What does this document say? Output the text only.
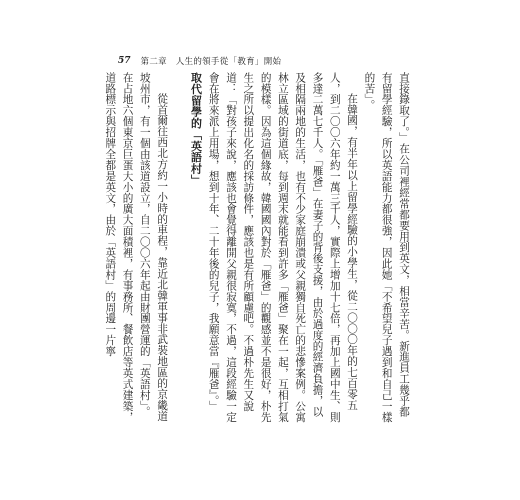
57 第二章　人生的領手從「教育」開始

直接錄取了。」在公司裡經常都要用到英文，相當辛苦。新進員工幾乎都有留學經驗，所以英語能力都很強，因此她「不希望兒子遇到和自己一樣的苦」。

在韓國，有半年以上留學經驗的小學生，從二〇〇〇年的七百零五人，到二〇〇六年約一萬三千人，實際上增加十七倍，再加上國中生、則多達二萬七千人。「雁爸」在妻子的背後支援，由於過度的經濟負擔，以及相隔兩地的生活，也有不少家庭崩潰或父親獨自死亡的悲慘案例。公寓林立區域的街道底，每到週末就能看到許多「雁爸」聚在一起，互相打氣的模樣。因為這個緣故，韓國國內對於「雁爸」的觀感並不是很好，朴先生之所以提出化名的採訪條件，應該也是有所顧慮吧。不過朴先生又說道：「對孩子來說，應該也會覺得離開父親很寂寞，不過，這段經驗一定會在將來派上用場，想到十年、二十年後的兒子，我願意當『雁爸』。」

取代留學的「英語村」

從首爾往西北方約一小時的車程，靠近北韓軍事非武裝地區的京畿道坡州市，有一個由該道設立，自二〇〇六年起由財團營運的「英語村」。在占地六個東京巨蛋大小的廣大面積裡，有事務所、餐飲店等英式建築，道路標示與招牌全都是英文，由於「英語村」的周邊一片寧
